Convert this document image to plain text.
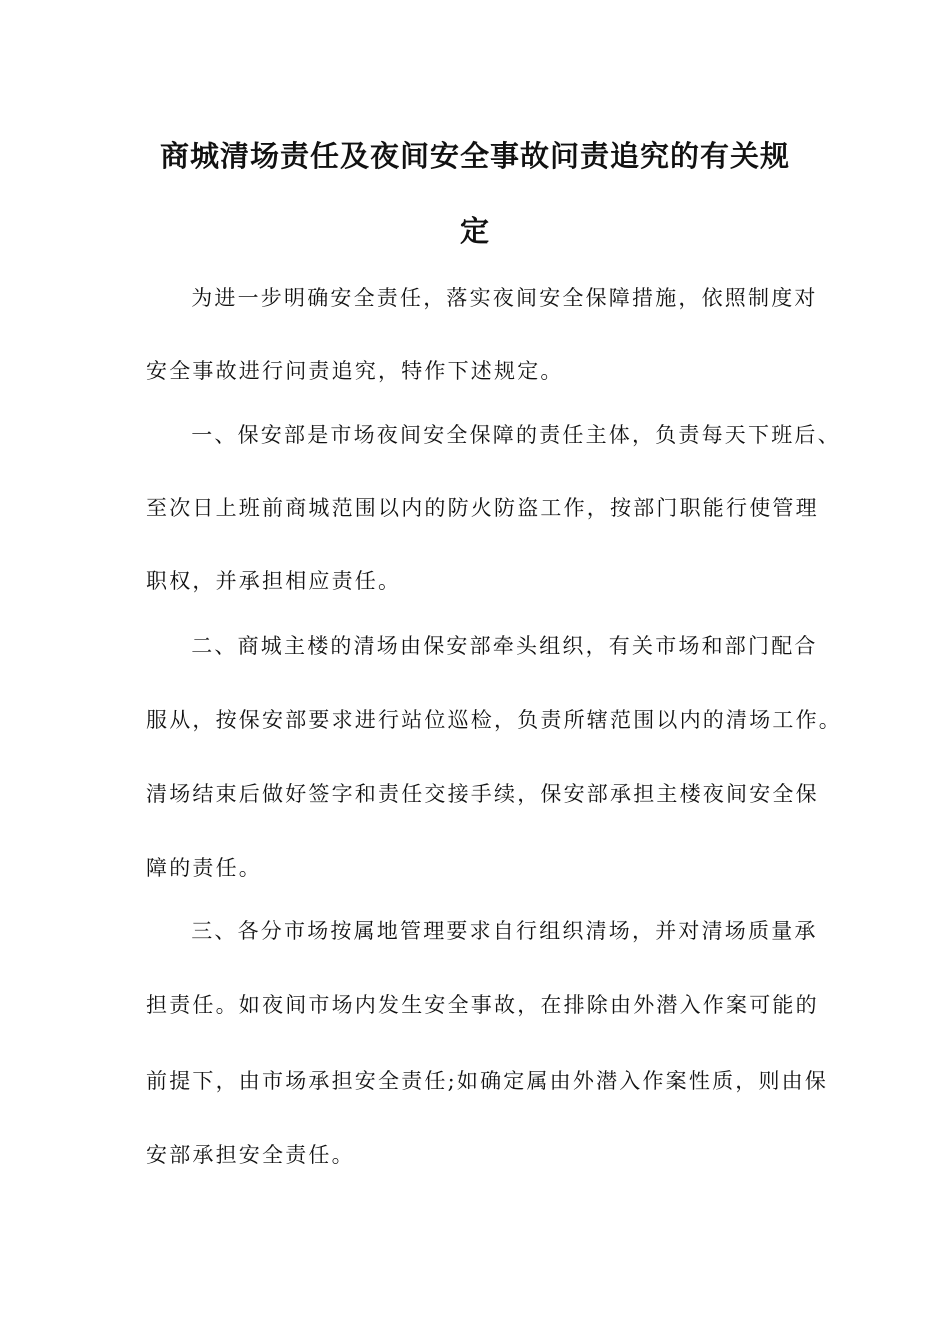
商城清场责任及夜间安全事故问责追究的有关规
定
　为进一步明确安全责任，落实夜间安全保障措施，依照制度对
安全事故进行问责追究，特作下述规定。
　一、保安部是市场夜间安全保障的责任主体，负责每天下班后、
至次日上班前商城范围以内的防火防盗工作，按部门职能行使管理
职权，并承担相应责任。
　二、商城主楼的清场由保安部牵头组织，有关市场和部门配合
服从，按保安部要求进行站位巡检，负责所辖范围以内的清场工作。
清场结束后做好签字和责任交接手续，保安部承担主楼夜间安全保
障的责任。
　三、各分市场按属地管理要求自行组织清场，并对清场质量承
担责任。如夜间市场内发生安全事故，在排除由外潜入作案可能的
前提下，由市场承担安全责任;如确定属由外潜入作案性质，则由保
安部承担安全责任。
